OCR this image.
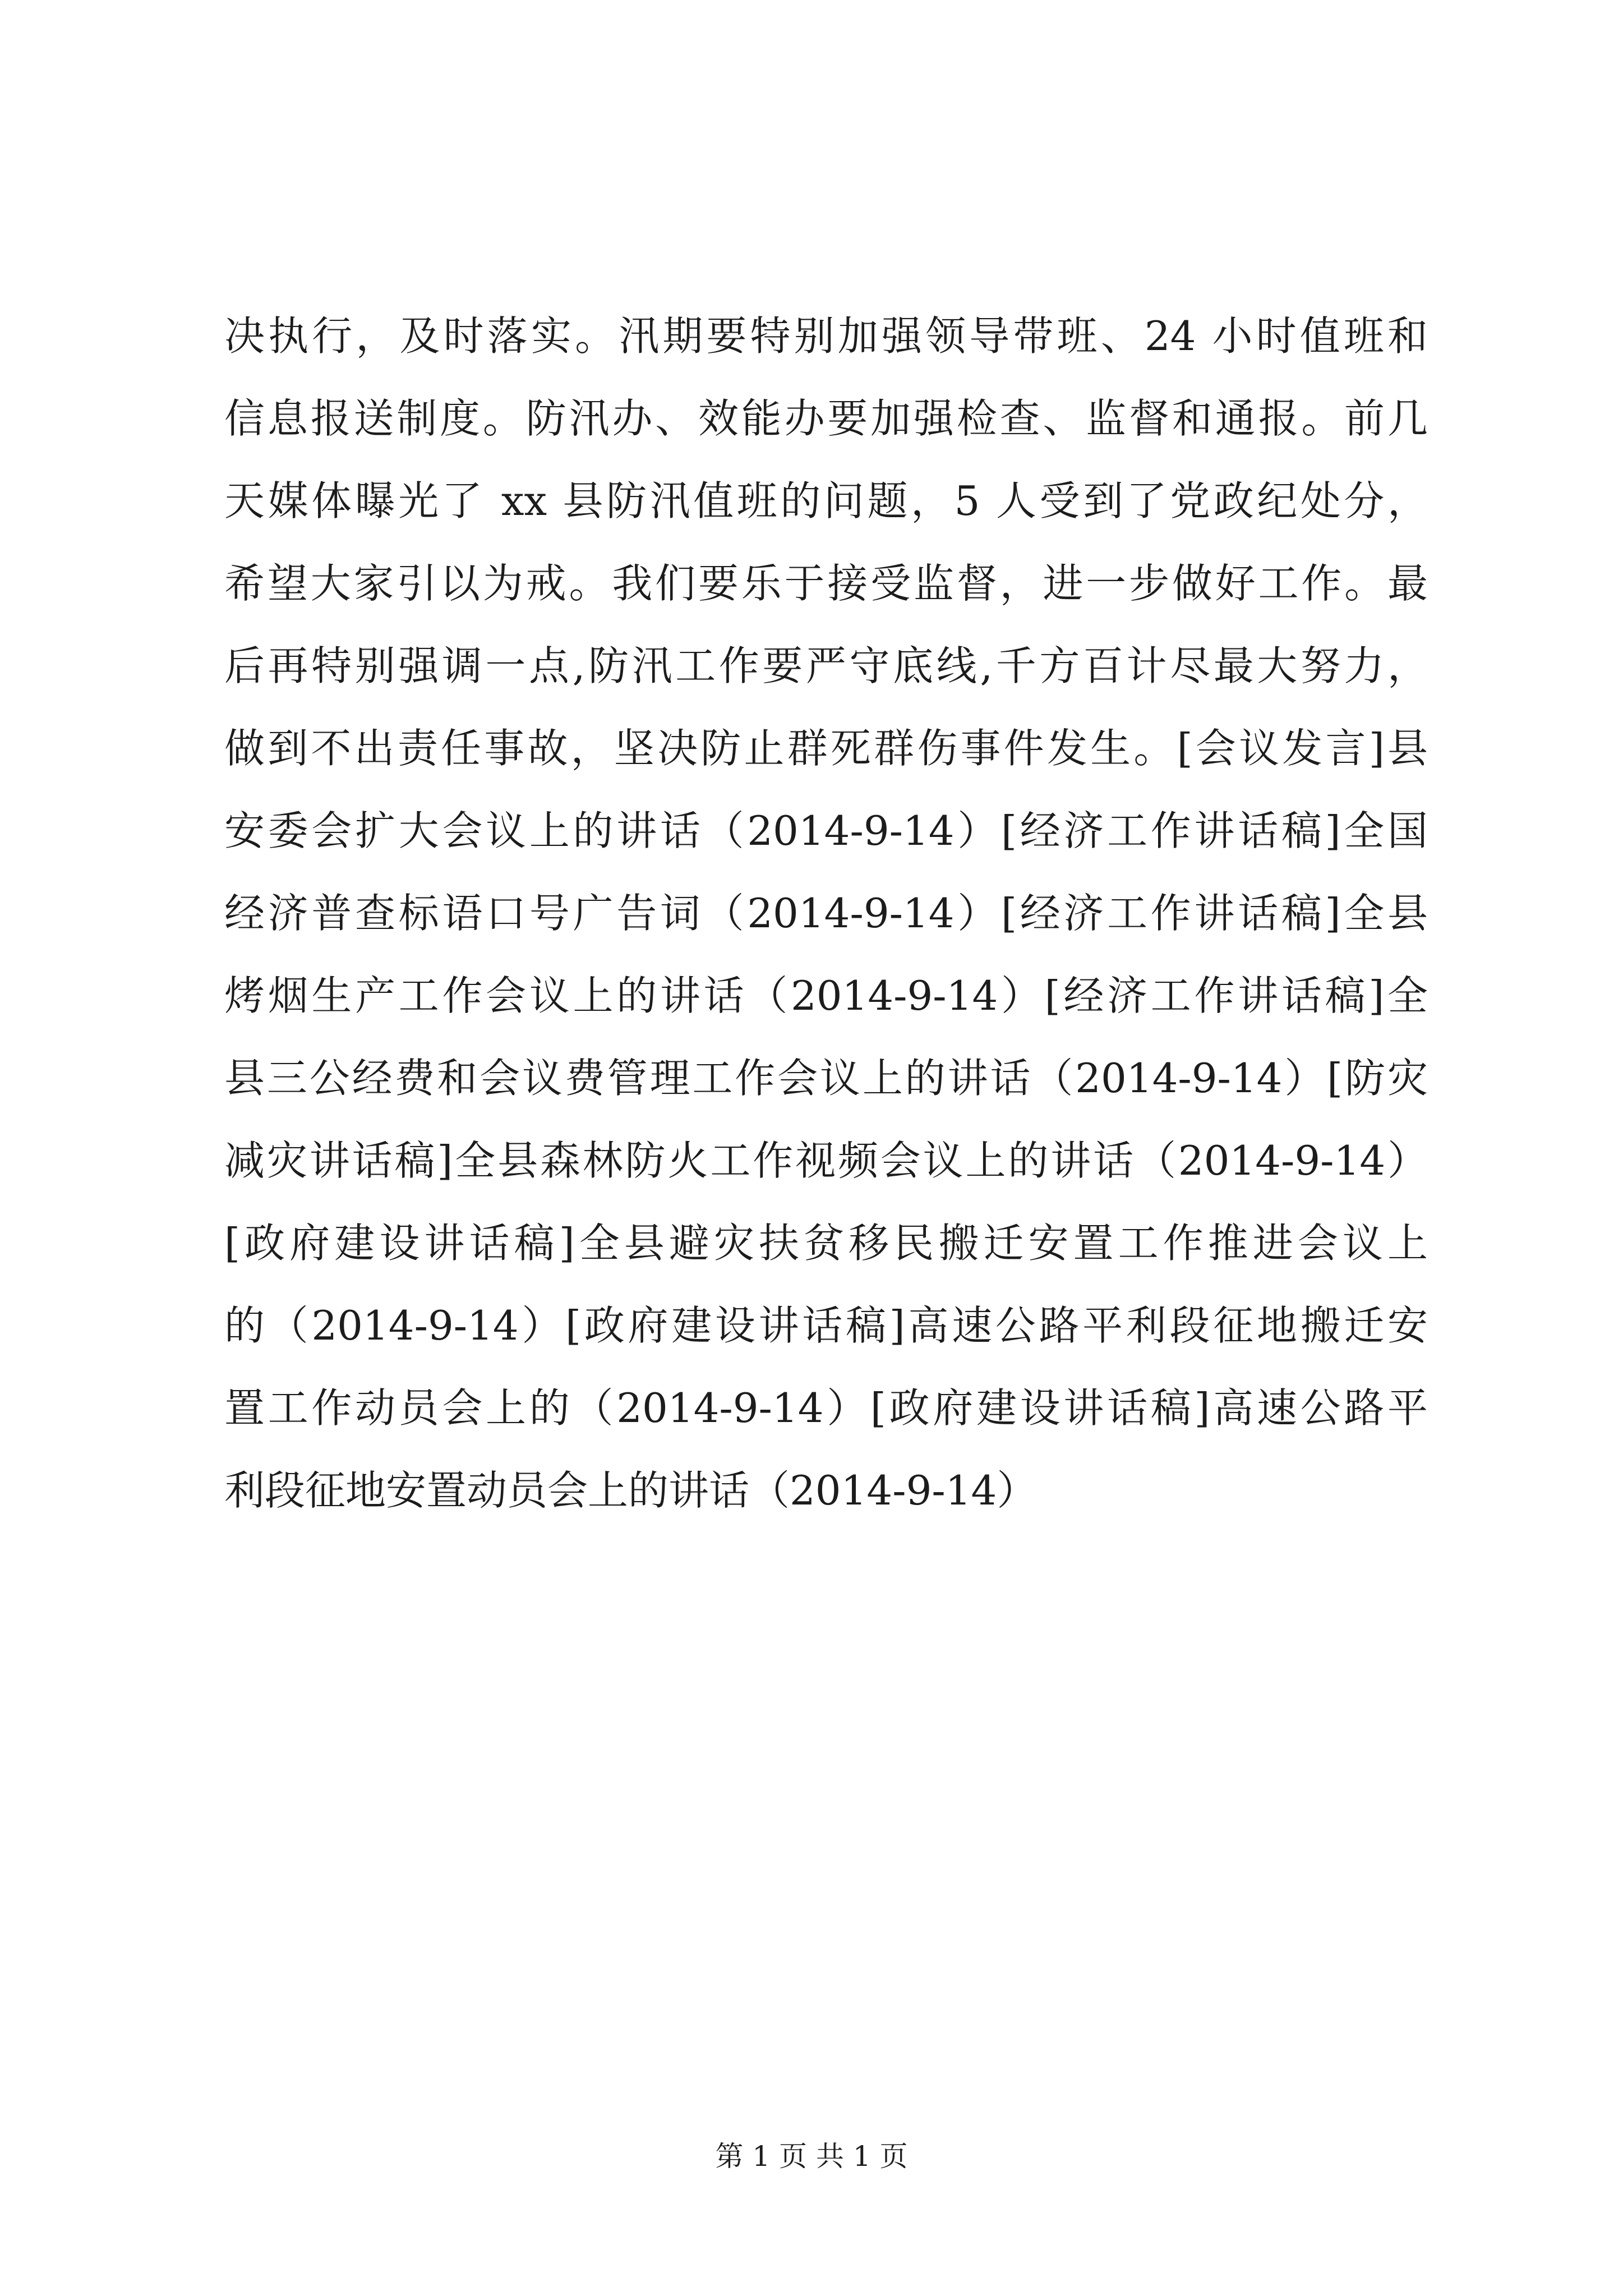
决执行，及时落实。汛期要特别加强领导带班、24 小时值班和
信息报送制度。防汛办、效能办要加强检查、监督和通报。前几
天媒体曝光了 xx 县防汛值班的问题，5 人受到了党政纪处分，
希望大家引以为戒。我们要乐于接受监督，进一步做好工作。最
后再特别强调一点,防汛工作要严守底线,千方百计尽最大努力，
做到不出责任事故，坚决防止群死群伤事件发生。[会议发言]县
安委会扩大会议上的讲话（2014-9-14）[经济工作讲话稿]全国
经济普查标语口号广告词（2014-9-14）[经济工作讲话稿]全县
烤烟生产工作会议上的讲话（2014-9-14）[经济工作讲话稿]全
县三公经费和会议费管理工作会议上的讲话（2014-9-14）[防灾
减灾讲话稿]全县森林防火工作视频会议上的讲话（2014-9-14）
[政府建设讲话稿]全县避灾扶贫移民搬迁安置工作推进会议上
的（2014-9-14）[政府建设讲话稿]高速公路平利段征地搬迁安
置工作动员会上的（2014-9-14）[政府建设讲话稿]高速公路平
利段征地安置动员会上的讲话（2014-9-14）
第 1 页 共 1 页
